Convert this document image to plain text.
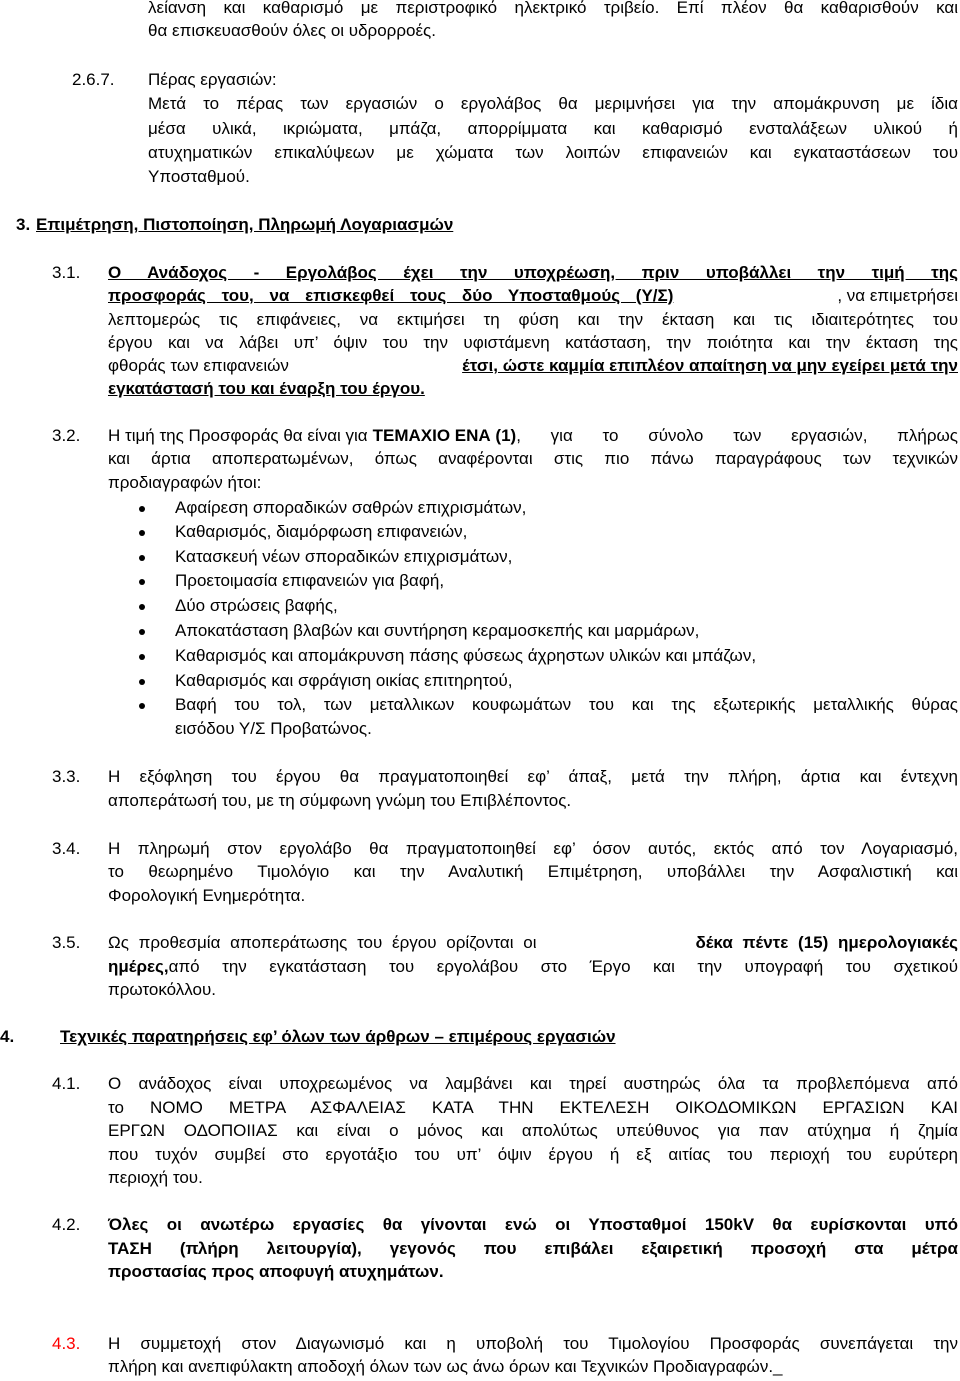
λείανση και καθαρισμό με περιστροφικό ηλεκτρικό τριβείο. Επί πλέον θα καθαρισθούν και
θα επισκευασθούν όλες οι υδρορροές.
2.6.7. Πέρας εργασιών:
Μετά το πέρας των εργασιών ο εργολάβος θα μεριμνήσει για την απομάκρυνση με ίδια
μέσα υλικά, ικριώματα, μπάζα, απορρίμματα και καθαρισμό ενσταλάξεων υλικού ή
ατυχηματικών επικαλύψεων με χώματα των λοιπών επιφανειών και εγκαταστάσεων του
Υποσταθμού.
3. Επιμέτρηση, Πιστοποίηση, Πληρωμή Λογαριασμών
3.1. Ο Ανάδοχος - Εργολάβος έχει την υποχρέωση, πριν υποβάλλει την τιμή της
προσφοράς του, να επισκεφθεί τους δύο Υποσταθμούς (Υ/Σ)	, να επιμετρήσει
λεπτομερώς τις επιφάνειες, να εκτιμήσει τη φύση και την έκταση και τις ιδιαιτερότητες του
έργου και να λάβει υπ’ όψιν του την υφιστάμενη κατάσταση, την ποιότητα και την έκταση της
φθοράς των επιφανειών	έτσι, ώστε καμμία επιπλέον απαίτηση να μην εγείρει μετά την
εγκατάστασή του και έναρξη του έργου.
3.2. Η τιμή της Προσφοράς θα είναι για ΤΕΜΑΧΙΟ ΕΝΑ (1) , για το σύνολο των εργασιών, πλήρως
και άρτια αποπερατωμένων, όπως αναφέρονται στις πιο πάνω παραγράφους των τεχνικών
προδιαγραφών ήτοι:
Αφαίρεση σποραδικών σαθρών επιχρισμάτων,
Καθαρισμός, διαμόρφωση επιφανειών,
Κατασκευή νέων σποραδικών επιχρισμάτων,
Προετοιμασία επιφανειών για βαφή,
Δύο στρώσεις βαφής,
Αποκατάσταση βλαβών και συντήρηση κεραμοσκεπής και μαρμάρων,
Καθαρισμός και απομάκρυνση πάσης φύσεως άχρηστων υλικών και μπάζων,
Καθαρισμός και σφράγιση οικίας επιτηρητού,
Βαφή του τολ, των μεταλλικων κουφωμάτων του και της εξωτερικής μεταλλικής θύρας
εισόδου Υ/Σ Προβατώνος.
3.3. Η εξόφληση του έργου θα πραγματοποιηθεί εφ’ άπαξ, μετά την πλήρη, άρτια και έντεχνη
αποπεράτωσή του, με τη σύμφωνη γνώμη του Επιβλέποντος.
3.4. Η πληρωμή στον εργολάβο θα πραγματοποιηθεί εφ’ όσον αυτός, εκτός από τον Λογαριασμό,
το θεωρημένο Τιμολόγιο και την Αναλυτική Επιμέτρηση, υποβάλλει την Ασφαλιστική και
Φορολογική Ενημερότητα.
3.5. Ως προθεσμία αποπεράτωσης του έργου ορίζονται οι	δέκα πέντε (15) ημερολογιακές
ημέρες, από την εγκατάσταση του εργολάβου στο Έργο και την υπογραφή του σχετικού
πρωτοκόλλου.
4.	Τεχνικές παρατηρήσεις εφ’ όλων των άρθρων – επιμέρους εργασιών
4.1. Ο ανάδοχος είναι υποχρεωμένος να λαμβάνει και τηρεί αυστηρώς όλα τα προβλεπόμενα από
το ΝΟΜΟ ΜΕΤΡΑ ΑΣΦΑΛΕΙΑΣ ΚΑΤΑ ΤΗΝ ΕΚΤΕΛΕΣΗ ΟΙΚΟΔΟΜΙΚΩΝ ΕΡΓΑΣΙΩΝ ΚΑΙ
ΕΡΓΩΝ ΟΔΟΠΟΙΙΑΣ και είναι ο μόνος και απολύτως υπεύθυνος για παν ατύχημα ή ζημία
που τυχόν συμβεί στο εργοτάξιο του υπ’ όψιν έργου ή εξ αιτίας του περιοχή του ευρύτερη
περιοχή του.
4.2. Όλες οι ανωτέρω εργασίες θα γίνονται ενώ οι Υποσταθμοί 150kV θα ευρίσκονται υπό
ΤΑΣΗ (πλήρη λειτουργία), γεγονός που επιβάλει εξαιρετική προσοχή στα μέτρα
προστασίας προς αποφυγή ατυχημάτων.
4.3. Η συμμετοχή στον Διαγωνισμό και η υποβολή του Τιμολογίου Προσφοράς συνεπάγεται την
πλήρη και ανεπιφύλακτη αποδοχή όλων των ως άνω όρων και Τεχνικών Προδιαγραφών._
